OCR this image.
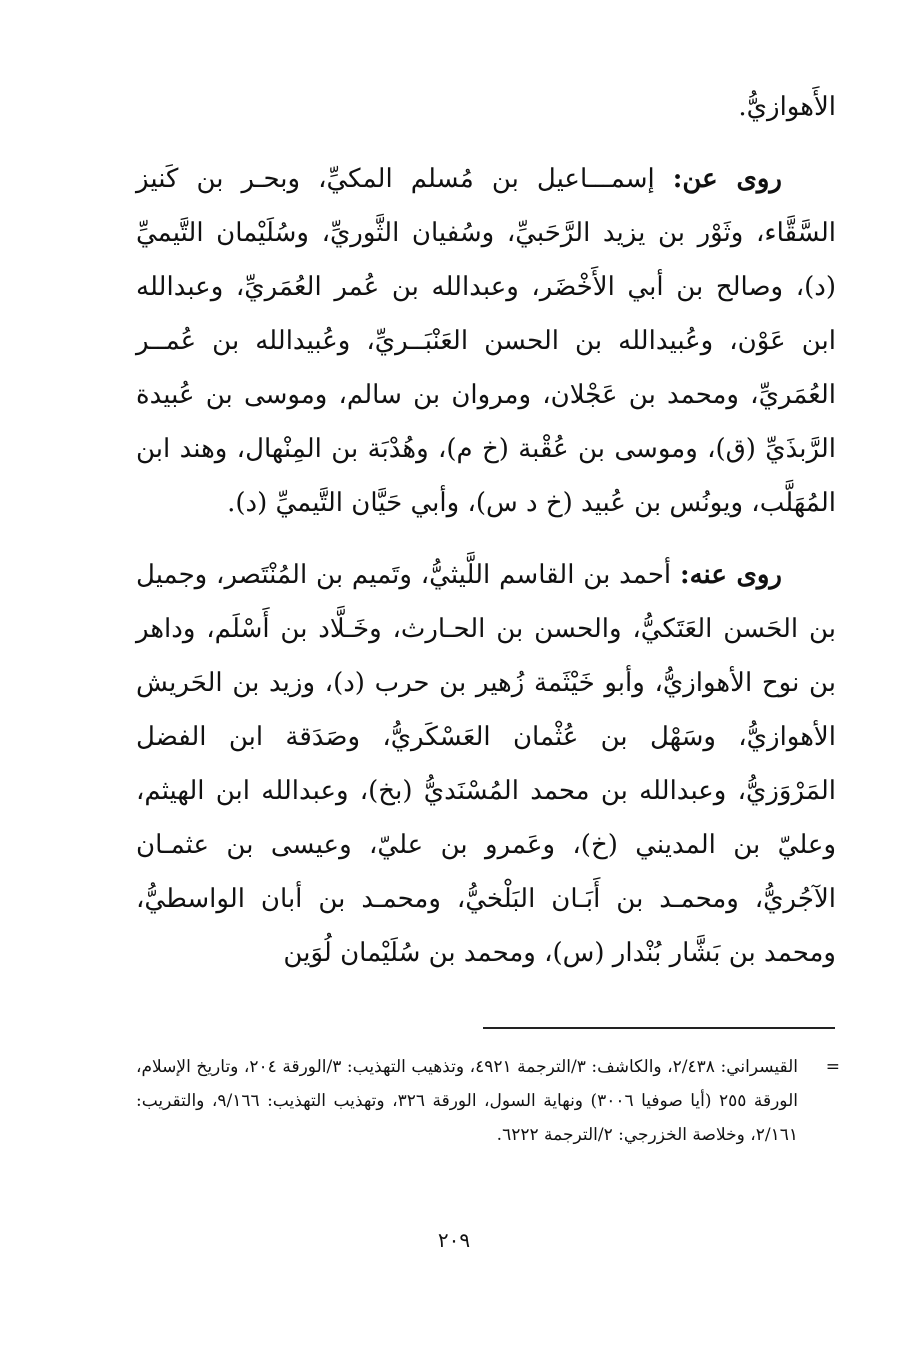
الأَهوازيُّ.

روى عن: إسمـــاعيل بن مُسلم المكيِّ، وبحـر بن كَنيز السَّقَّاء، وثَوْر بن يزيد الرَّحَبيِّ، وسُفيان الثَّوريِّ، وسُلَيْمان التَّيميِّ (د)، وصالح بن أبي الأَخْضَر، وعبدالله بن عُمر العُمَريِّ، وعبدالله ابن عَوْن، وعُبيدالله بن الحسن العَنْبَــريِّ، وعُبيدالله بن عُمــر العُمَريِّ، ومحمد بن عَجْلان، ومروان بن سالم، وموسى بن عُبيدة الرَّبذَيِّ (ق)، وموسى بن عُقْبة (خ م)، وهُدْبَة بن المِنْهال، وهند ابن المُهَلَّب، ويونُس بن عُبيد (خ د س)، وأبي حَيَّان التَّيميِّ (د).

روى عنه: أحمد بن القاسم اللَّيثيُّ، وتَميم بن المُنْتَصر، وجميل بن الحَسن العَتَكيُّ، والحسن بن الحـارث، وخَـلَّاد بن أَسْلَم، وداهر بن نوح الأهوازيُّ، وأبو خَيْثَمة زُهير بن حرب (د)، وزيد بن الحَريش الأهوازيُّ، وسَهْل بن عُثْمان العَسْكَريُّ، وصَدَقة ابن الفضل المَرْوَزيُّ، وعبدالله بن محمد المُسْنَديُّ (بخ)، وعبدالله ابن الهيثم، وعليّ بن المديني (خ)، وعَمرو بن عليّ، وعيسى بن عثمـان الآجُريُّ، ومحمـد بن أَبَـان البَلْخيُّ، ومحمـد بن أبان الواسطيُّ، ومحمد بن بَشَّار بُنْدار (س)، ومحمد بن سُلَيْمان لُوَين

=

القيسراني: ٢/٤٣٨، والكاشف: ٣/الترجمة ٤٩٢١، وتذهيب التهذيب: ٣/الورقة ٢٠٤، وتاريخ الإسلام، الورقة ٢٥٥ (أيا صوفيا ٣٠٠٦) ونهاية السول، الورقة ٣٢٦، وتهذيب التهذيب: ٩/١٦٦، والتقريب: ٢/١٦١، وخلاصة الخزرجي: ٢/الترجمة ٦٢٢٢.

٢٠٩
